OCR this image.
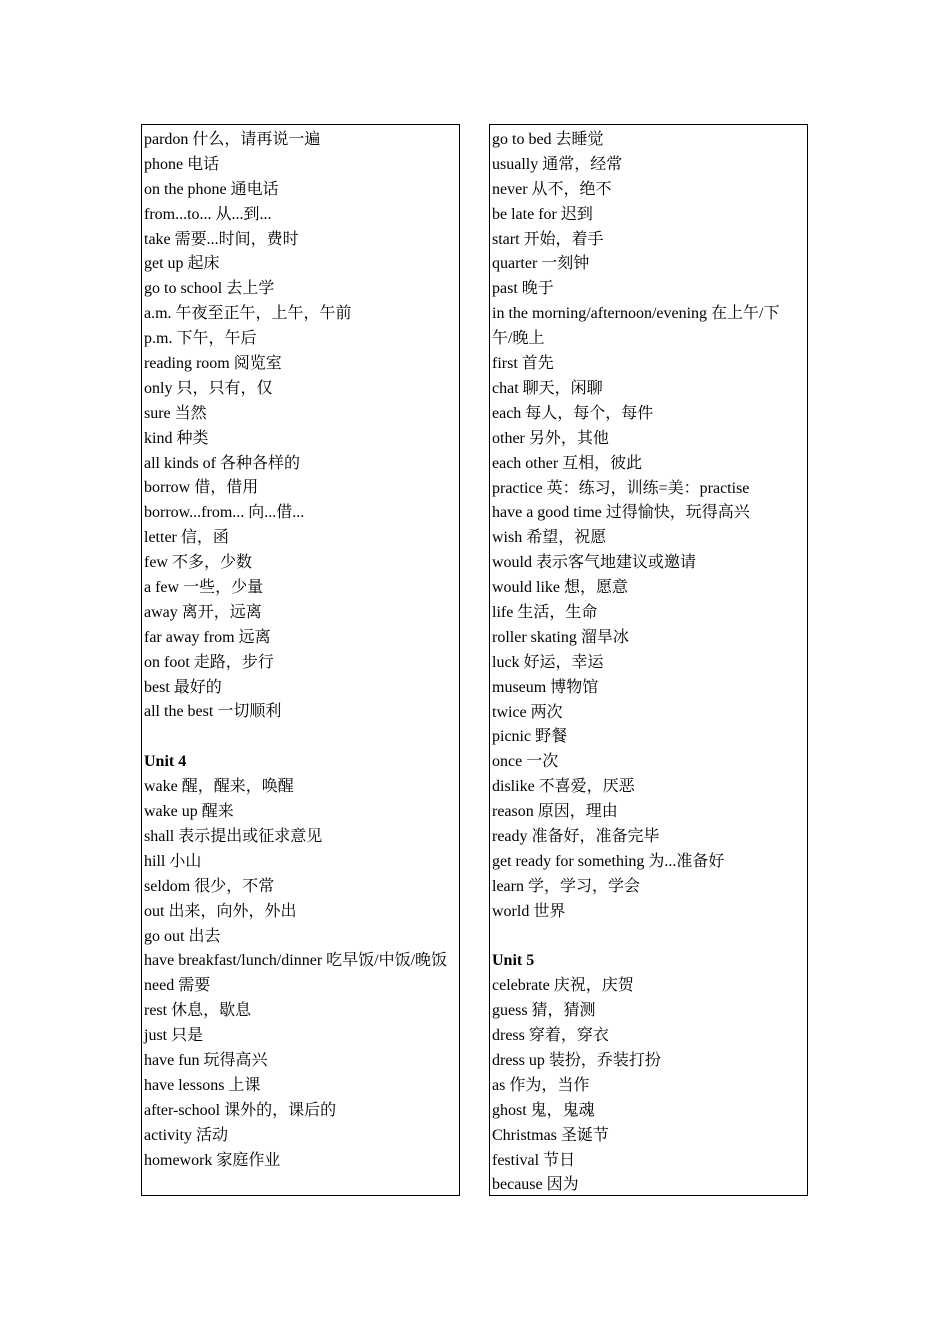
pardon 什么，请再说一遍
phone 电话
on the phone 通电话
from...to... 从...到...
take 需要...时间，费时
get up 起床
go to school 去上学
a.m. 午夜至正午，上午，午前
p.m. 下午，午后
reading room 阅览室
only 只，只有，仅
sure 当然
kind 种类
all kinds of 各种各样的
borrow 借，借用
borrow...from... 向...借...
letter 信，函
few 不多，少数
a few 一些，少量
away 离开，远离
far away from 远离
on foot 走路，步行
best 最好的
all the best 一切顺利
Unit 4
wake 醒，醒来，唤醒
wake up 醒来
shall 表示提出或征求意见
hill 小山
seldom 很少，不常
out 出来，向外，外出
go out 出去
have breakfast/lunch/dinner 吃早饭/中饭/晚饭
need 需要
rest 休息，歇息
just 只是
have fun 玩得高兴
have lessons 上课
after-school 课外的，课后的
activity 活动
homework 家庭作业
go to bed 去睡觉
usually 通常，经常
never 从不，绝不
be late for 迟到
start 开始，着手
quarter 一刻钟
past 晚于
in the morning/afternoon/evening 在上午/下午/晚上
first 首先
chat 聊天，闲聊
each 每人，每个，每件
other 另外，其他
each other 互相，彼此
practice 英：练习，训练=美：practise
have a good time 过得愉快，玩得高兴
wish 希望，祝愿
would 表示客气地建议或邀请
would like 想，愿意
life 生活，生命
roller skating 溜旱冰
luck 好运，幸运
museum 博物馆
twice 两次
picnic 野餐
once 一次
dislike 不喜爱，厌恶
reason 原因，理由
ready 准备好，准备完毕
get ready for something 为...准备好
learn 学，学习，学会
world 世界
Unit 5
celebrate 庆祝，庆贺
guess 猜，猜测
dress 穿着，穿衣
dress up 装扮，乔装打扮
as 作为，当作
ghost 鬼，鬼魂
Christmas 圣诞节
festival 节日
because 因为
